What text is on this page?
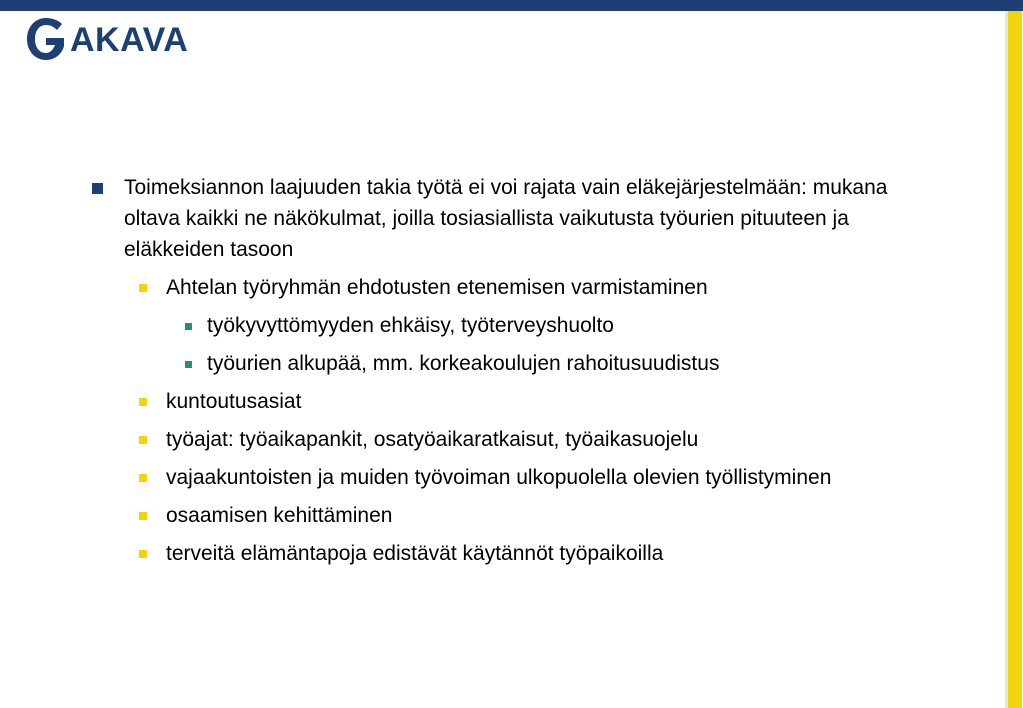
AKAVA
Toimeksiannon laajuuden takia työtä ei voi rajata vain eläkejärjestelmään: mukana oltava kaikki ne näkökulmat, joilla tosiasiallista vaikutusta työurien pituuteen ja eläkkeiden tasoon
Ahtelan työryhmän ehdotusten etenemisen varmistaminen
työkyvyttömyyden ehkäisy, työterveyshuolto
työurien alkupää, mm. korkeakoulujen rahoitusuudistus
kuntoutusasiat
työajat: työaikapankit, osatyöaikaratkaisut, työaikasuojelu
vajaakuntoisten ja muiden työvoiman ulkopuolella olevien työllistyminen
osaamisen kehittäminen
terveitä elämäntapoja edistävät käytännöt työpaikoilla
